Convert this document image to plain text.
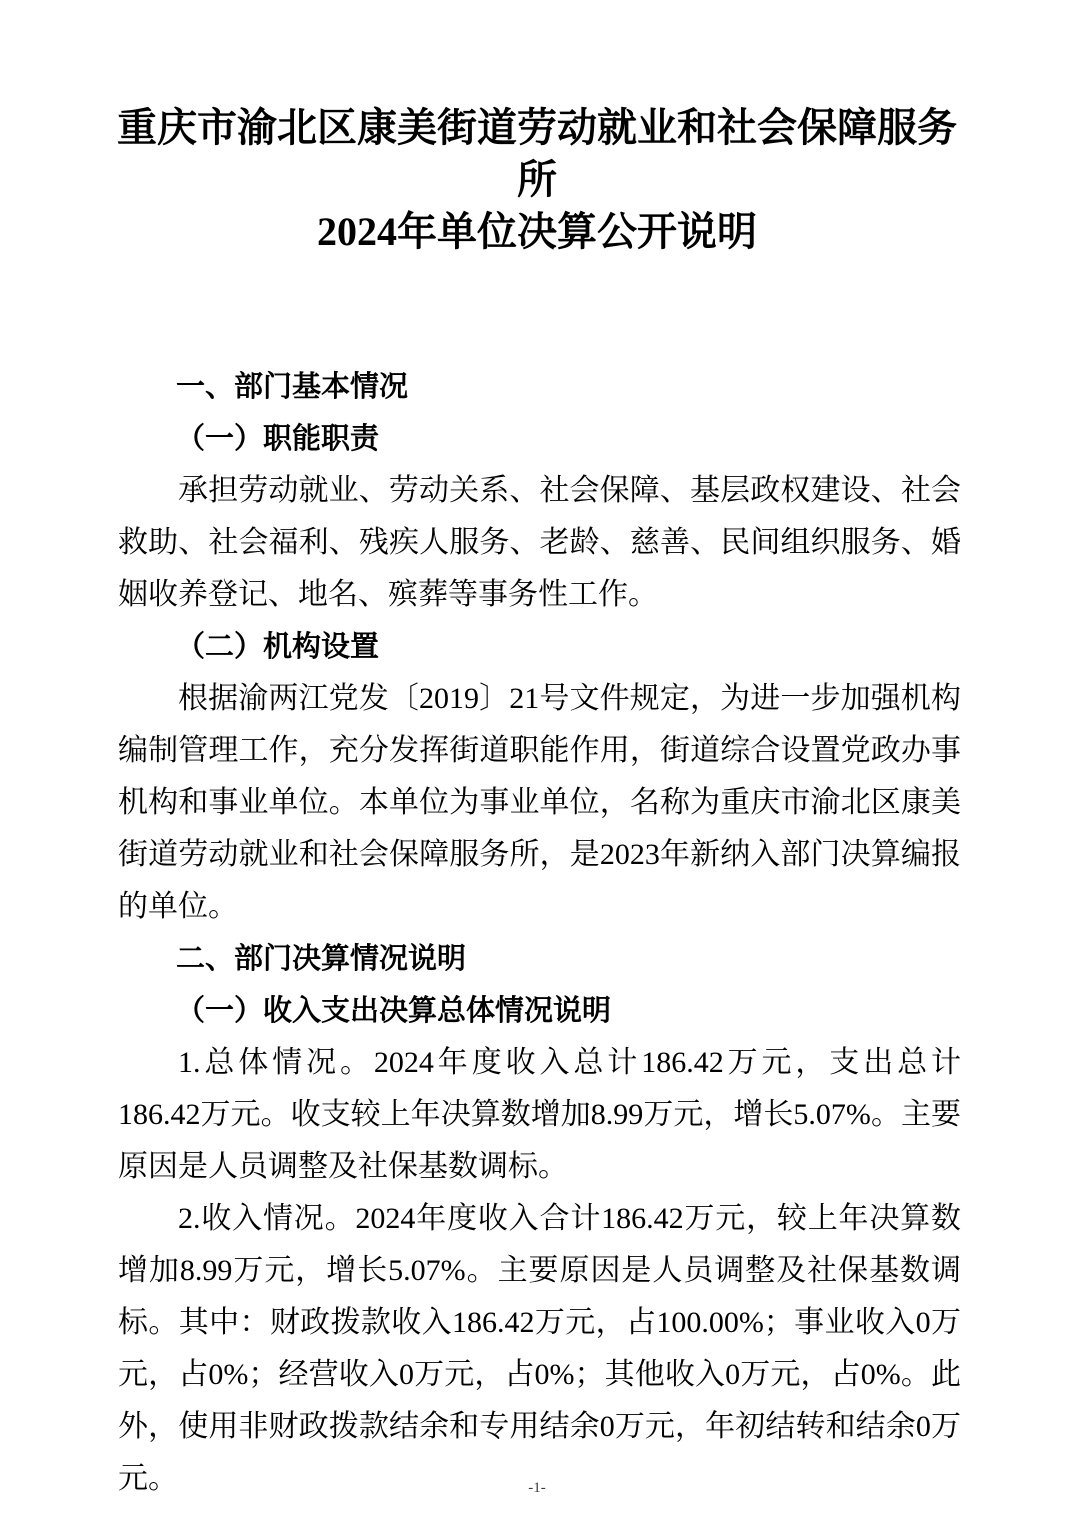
重庆市渝北区康美街道劳动就业和社会保障服务
所
2024年单位决算公开说明
一、部门基本情况
（一）职能职责

承担劳动就业、劳动关系、社会保障、基层政权建设、社会救助、社会福利、残疾人服务、老龄、慈善、民间组织服务、婚姻收养登记、地名、殡葬等事务性工作。

（二）机构设置

根据渝两江党发〔2019〕21号文件规定，为进一步加强机构编制管理工作，充分发挥街道职能作用，街道综合设置党政办事机构和事业单位。本单位为事业单位，名称为重庆市渝北区康美街道劳动就业和社会保障服务所，是2023年新纳入部门决算编报的单位。

二、部门决算情况说明
（一）收入支出决算总体情况说明

1.总体情况。2024年度收入总计186.42万元，支出总计186.42万元。收支较上年决算数增加8.99万元，增长5.07%。主要原因是人员调整及社保基数调标。

2.收入情况。2024年度收入合计186.42万元，较上年决算数增加8.99万元，增长5.07%。主要原因是人员调整及社保基数调标。其中：财政拨款收入186.42万元，占100.00%；事业收入0万元，占0%；经营收入0万元，占0%；其他收入0万元，占0%。此外，使用非财政拨款结余和专用结余0万元，年初结转和结余0万元。	-1-
